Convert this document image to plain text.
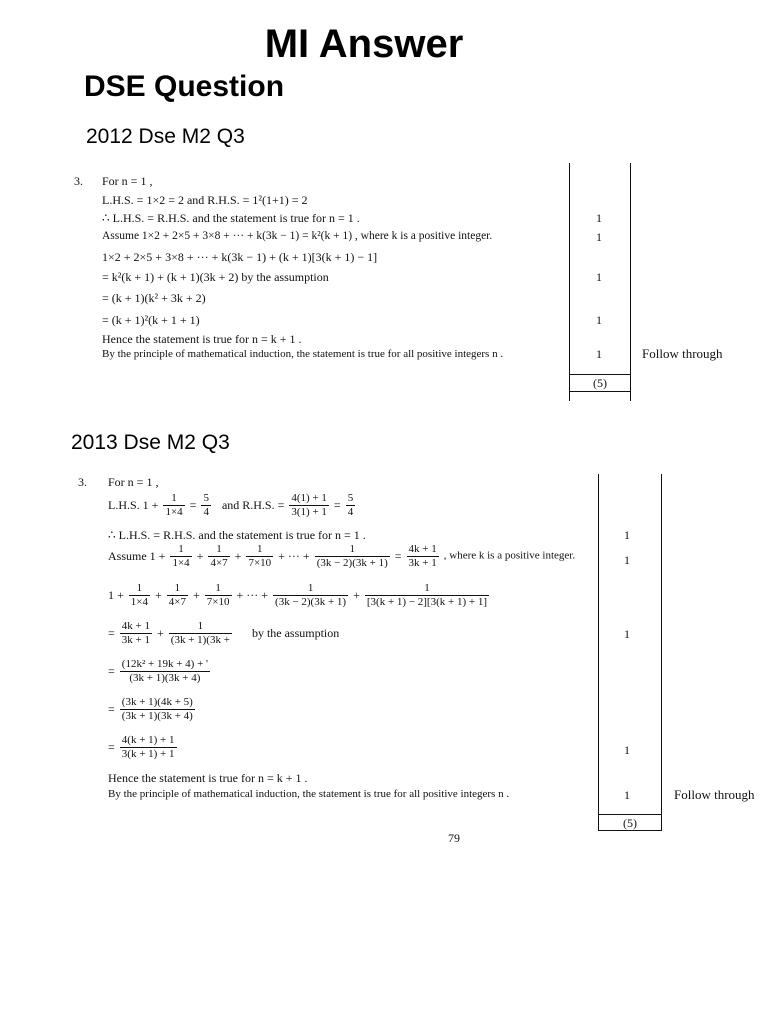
MI Answer
DSE Question
2012 Dse M2 Q3
3. For n = 1 ,
L.H.S. = 1×2 = 2 and R.H.S. = 1²(1+1) = 2
∴ L.H.S. = R.H.S. and the statement is true for n = 1 .
Assume 1×2 + 2×5 + 3×8 + ··· + k(3k − 1) = k²(k + 1) , where k is a positive integer.
1×2 + 2×5 + 3×8 + ··· + k(3k − 1) + (k + 1)[3(k + 1) − 1]
= k²(k + 1) + (k + 1)(3k + 2) by the assumption
= (k + 1)(k² + 3k + 2)
= (k + 1)²(k + 1 + 1)
Hence the statement is true for n = k + 1 .
By the principle of mathematical induction, the statement is true for all positive integers n .
1
1
1
1
1	Follow through
(5)
2013 Dse M2 Q3
3. For n = 1 ,
L.H.S. $1 + \frac{1}{1\times 4} = \frac{5}{4}$ and R.H.S. = $\frac{4(1) + 1}{3(1) + 1} = \frac{5}{4}$
∴ L.H.S. = R.H.S. and the statement is true for n = 1 .
Assume $1 + \frac{1}{1\times 4} + \frac{1}{4\times 7} + \frac{1}{7\times 10}$ + ··· + $\frac{1}{(3k - 2)(3k + 1)} = \frac{4k + 1}{3k + 1}$ , where k is a positive integer.
$1 + \frac{1}{1\times 4} + \frac{1}{4\times 7} + \frac{1}{7\times 10}$ + ··· + $\frac{1}{(3k - 2)(3k + 1)} + \frac{1}{[3(k + 1) - 2][3(k + 1) + 1]}$
= $\frac{4k + 1}{3k + 1} + \frac{1}{(3k + 1)(3k +}$ by the assumption
= $\frac{\text{(12k² + 19k + 4) + '}}{(3k + 1)(3k + 4)}$
= $\frac{(3k + 1)(4k + 5)}{(3k + 1)(3k + 4)}$
= $\frac{4(k + 1) + 1}{3(k + 1) + 1}$
Hence the statement is true for n = k + 1 .
By the principle of mathematical induction, the statement is true for all positive integers n .
1
1
1
1
1	Follow through
(5)
79
